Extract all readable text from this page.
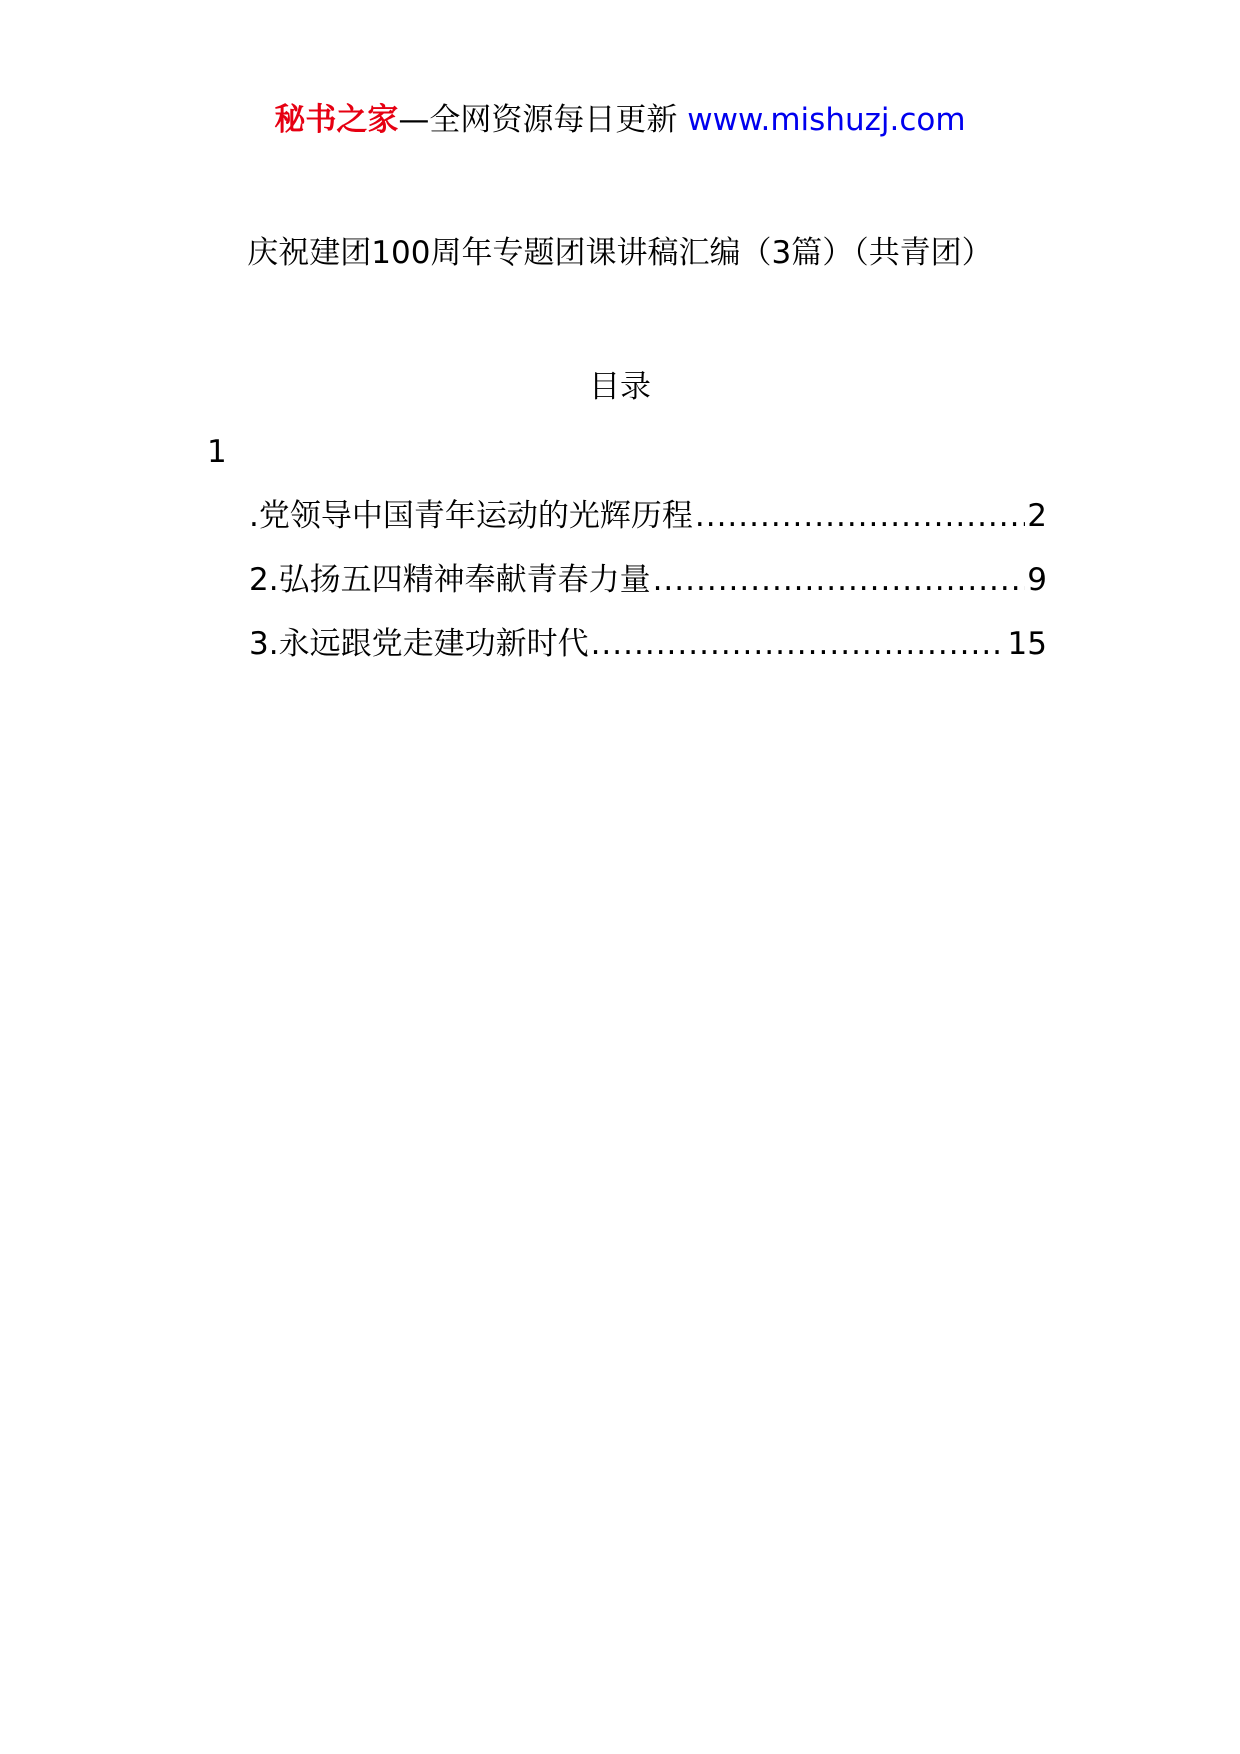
秘书之家—全网资源每日更新 www.mishuzj.com
庆祝建团100周年专题团课讲稿汇编（3篇）（共青团）
目录
1
.党领导中国青年运动的光辉历程 .....	2
2.弘扬五四精神奉献青春力量 .....	9
3.永远跟党走建功新时代 .....	15
